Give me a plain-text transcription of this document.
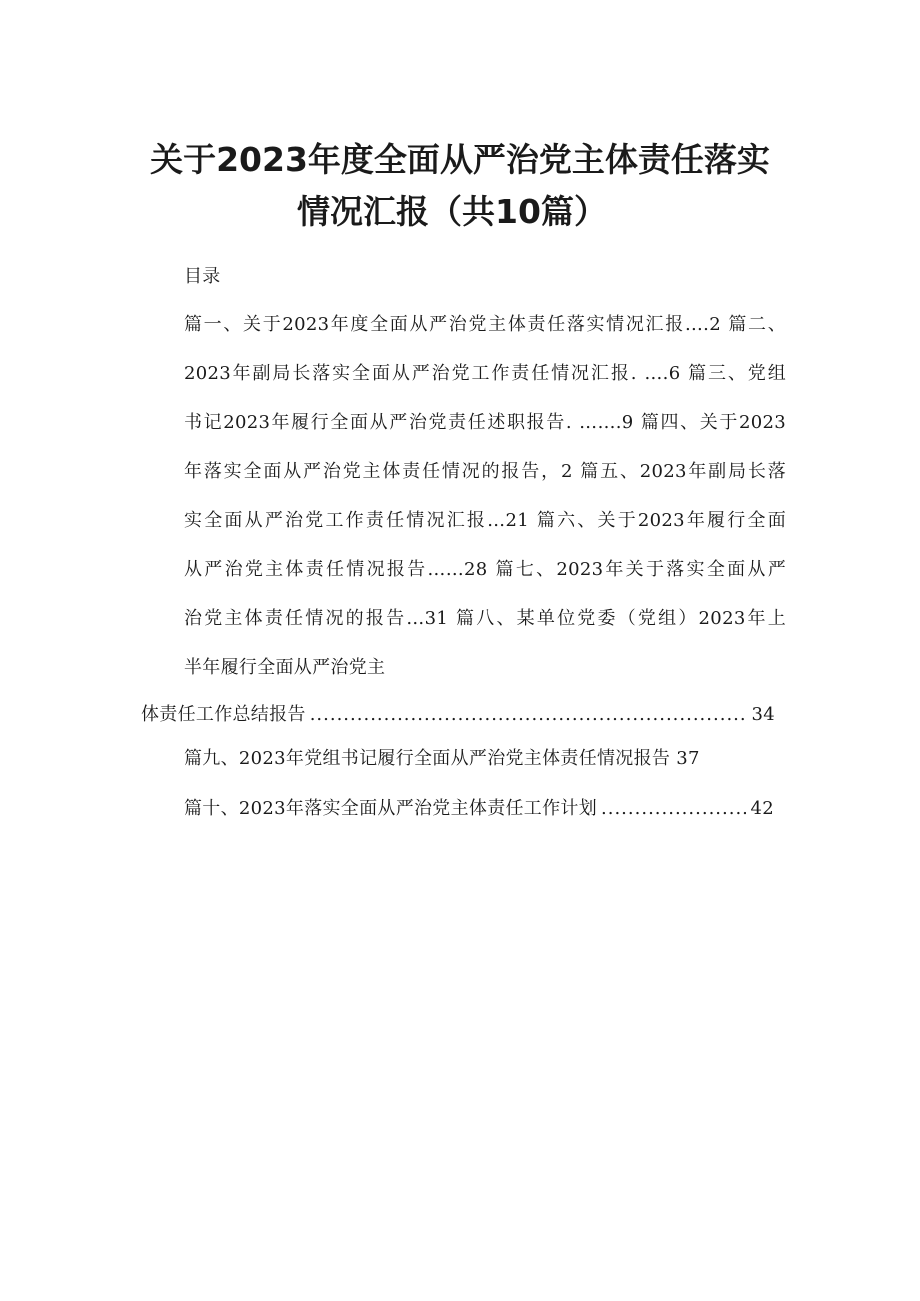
关于2023年度全面从严治党主体责任落实
情况汇报（共10篇）
目录
篇一、关于2023年度全面从严治党主体责任落实情况汇报….2 篇二、
2023年副局长落实全面从严治党工作责任情况汇报. ….6 篇三、党组
书记2023年履行全面从严治党责任述职报告. …….9 篇四、关于2023
年落实全面从严治党主体责任情况的报告，2 篇五、2023年副局长落
实全面从严治党工作责任情况汇报…21 篇六、关于2023年履行全面
从严治党主体责任情况报告……28 篇七、2023年关于落实全面从严
治党主体责任情况的报告…31 篇八、某单位党委（党组）2023年上
半年履行全面从严治党主
体责任工作总结报告 .....	34
篇九、2023年党组书记履行全面从严治党主体责任情况报告 37
篇十、2023年落实全面从严治党主体责任工作计划 .....	42
